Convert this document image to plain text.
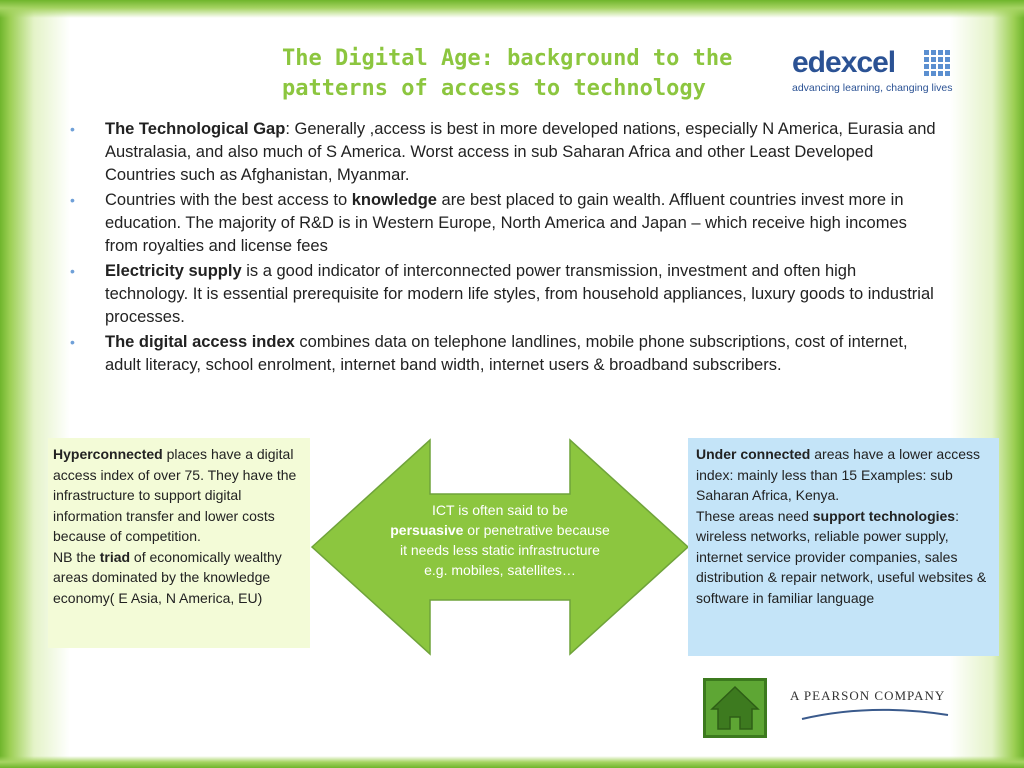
The Digital Age: background to the
patterns of access to technology
edexcel
advancing learning, changing lives
• The Technological Gap: Generally ,access is best in more developed nations, especially N America, Eurasia and Australasia, and also much of S America. Worst access in sub Saharan Africa and other Least Developed Countries such as Afghanistan, Myanmar.
• Countries with the best access to knowledge are best placed to gain wealth. Affluent countries invest more in education. The majority of R&D is in Western Europe, North America and Japan – which receive high incomes from royalties and license fees
• Electricity supply is a good indicator of interconnected power transmission, investment and often high technology. It is essential prerequisite for modern life styles, from household appliances, luxury goods to industrial processes.
• The digital access index combines data on telephone landlines, mobile phone subscriptions, cost of internet, adult literacy, school enrolment, internet band width, internet users & broadband subscribers.
Hyperconnected places have a digital access index of over 75. They have the infrastructure to support digital information transfer and lower costs because of competition.
NB the triad of economically wealthy areas dominated by the knowledge economy( E Asia, N America, EU)
ICT is often said to be
persuasive or penetrative because it needs less static infrastructure e.g. mobiles, satellites…
Under connected areas have a lower access index: mainly less than 15 Examples: sub Saharan Africa, Kenya.
These areas need support technologies: wireless networks, reliable power supply, internet service provider companies, sales distribution & repair network, useful websites & software in familiar language
A PEARSON COMPANY
